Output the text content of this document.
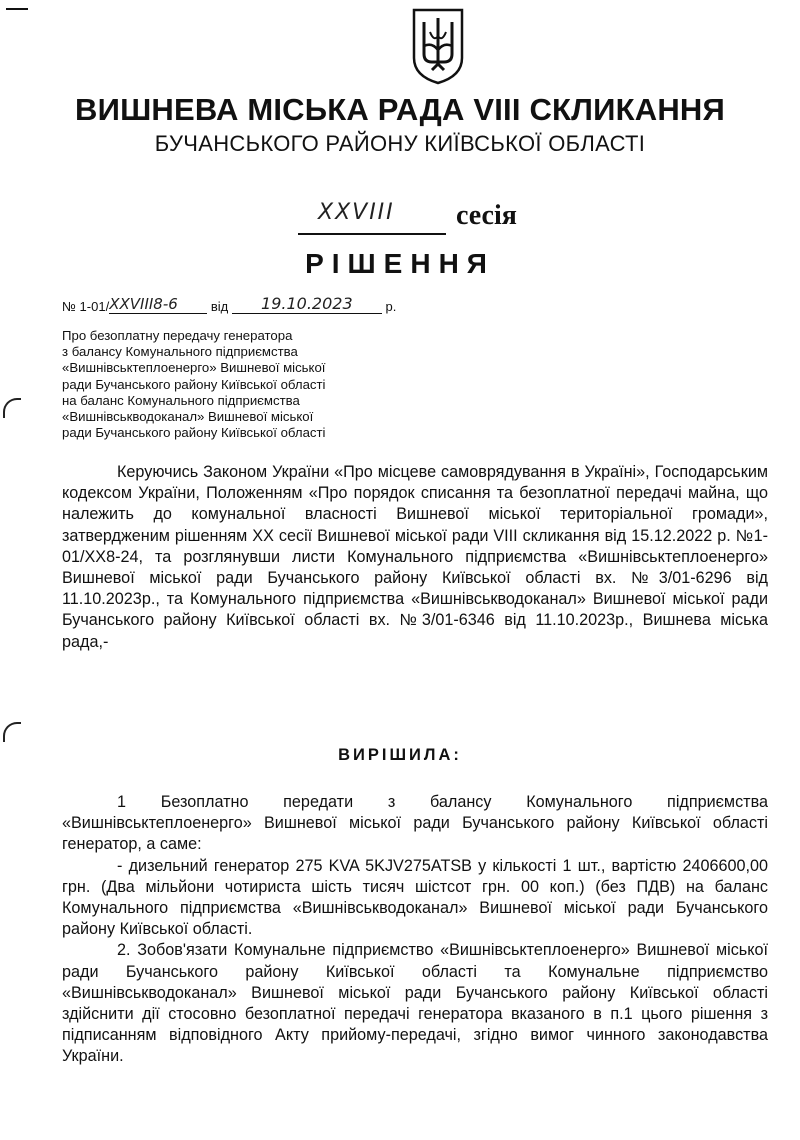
ВИШНЕВА МІСЬКА РАДА VIII СКЛИКАННЯ
БУЧАНСЬКОГО РАЙОНУ КИЇВСЬКОЇ ОБЛАСТІ
XXVIII сесія
РІШЕННЯ
№ 1-01/XXVIII8-6	від 19.10.2023	р.
Про безоплатну передачу генератора
з балансу Комунального підприємства
«Вишнівськтеплоенерго» Вишневої міської
ради Бучанського району Київської області
на баланс Комунального підприємства
«Вишнівськводоканал» Вишневої міської
ради Бучанського району Київської області

Керуючись Законом України «Про місцеве самоврядування в Україні», Господарським кодексом України, Положенням «Про порядок списання та безоплатної передачі майна, що належить до комунальної власності Вишневої міської територіальної громади», затвердженим рішенням XX сесії Вишневої міської ради VIII скликання від 15.12.2022 р. №1-01/XX8-24, та розглянувши листи Комунального підприємства «Вишнівськтеплоенерго» Вишневої міської ради Бучанського району Київської області вх. №3/01-6296 від 11.10.2023р., та Комунального підприємства «Вишнівськводоканал» Вишневої міської ради Бучанського району Київської області вх. №3/01-6346 від 11.10.2023р., Вишнева міська рада,-

ВИРІШИЛА:

1 Безоплатно передати з балансу Комунального підприємства «Вишнівськтеплоенерго» Вишневої міської ради Бучанського району Київської області генератор, а саме:

- дизельний генератор 275 KVA 5KJV275ATSB у кількості 1 шт., вартістю 2406600,00 грн. (Два мільйони чотириста шість тисяч шістсот грн. 00 коп.) (без ПДВ) на баланс Комунального підприємства «Вишнівськводоканал» Вишневої міської ради Бучанського району Київської області.

2. Зобов'язати Комунальне підприємство «Вишнівськтеплоенерго» Вишневої міської ради Бучанського району Київської області та Комунальне підприємство «Вишнівськводоканал» Вишневої міської ради Бучанського району Київської області здійснити дії стосовно безоплатної передачі генератора вказаного в п.1 цього рішення з підписанням відповідного Акту прийому-передачі, згідно вимог чинного законодавства України.
